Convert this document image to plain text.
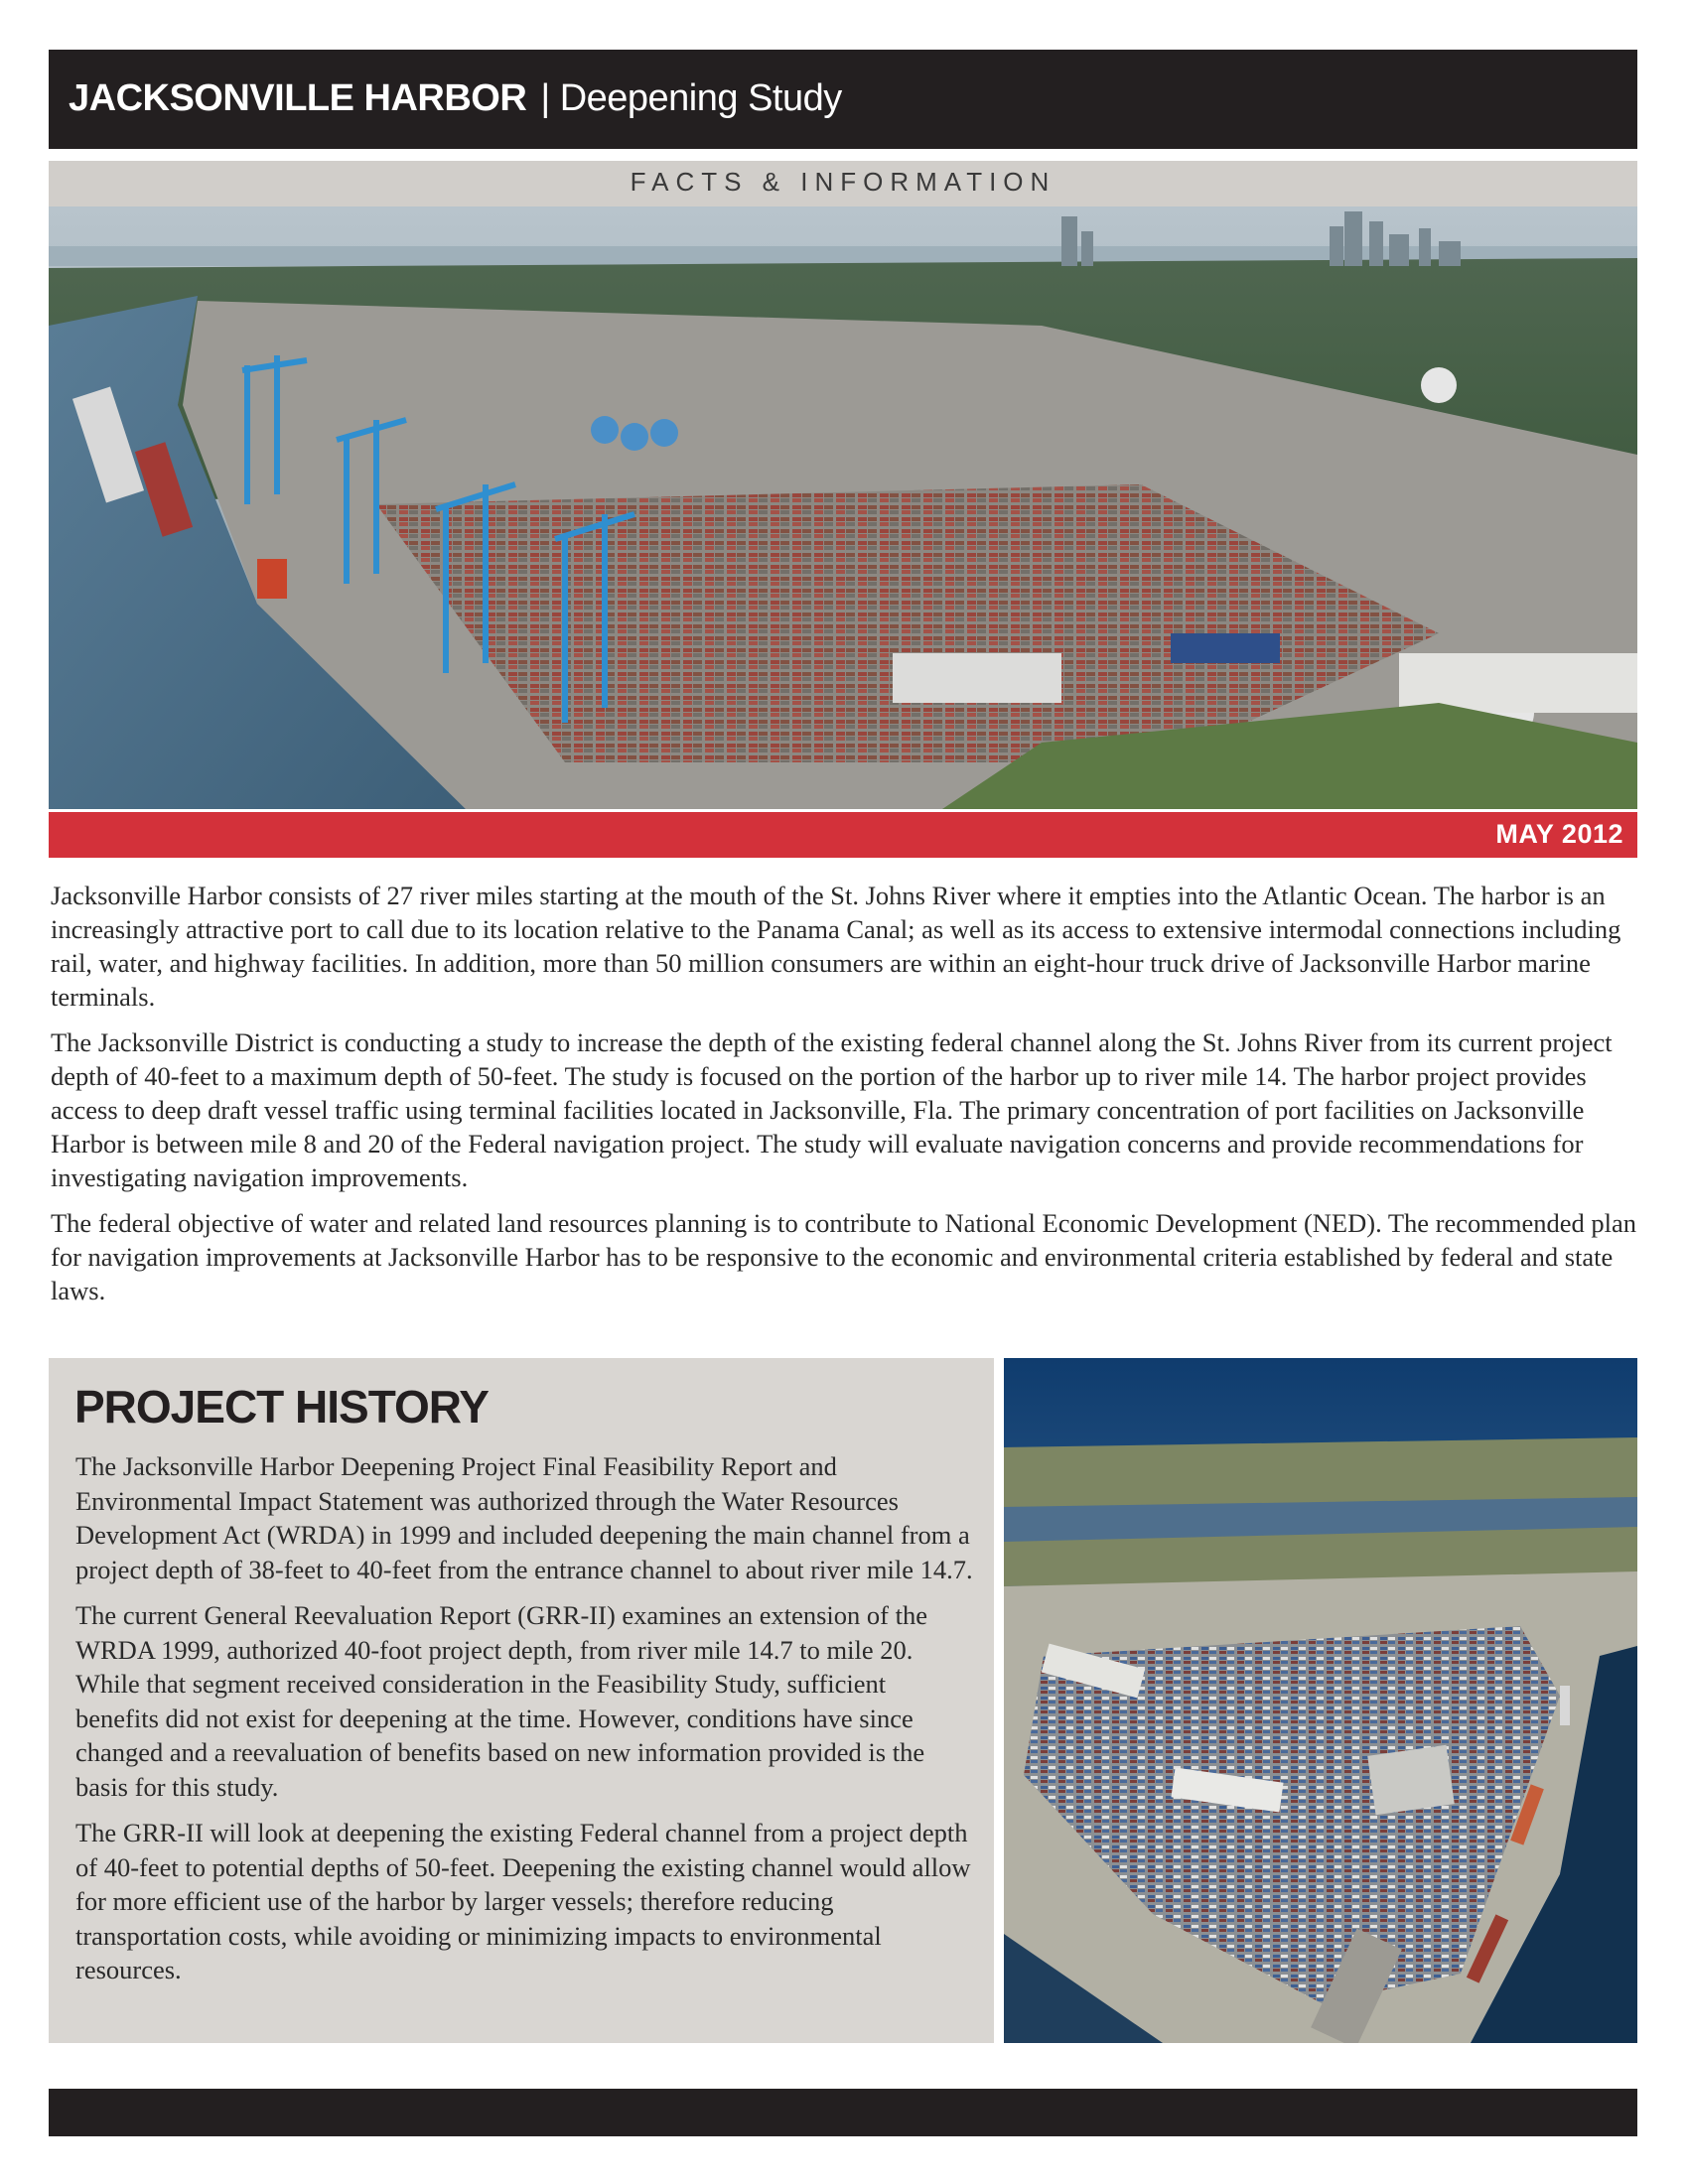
JACKSONVILLE HARBOR | Deepening Study
FACTS & INFORMATION
MAY 2012

Jacksonville Harbor consists of 27 river miles starting at the mouth of the St. Johns River where it empties into the Atlantic Ocean. The harbor is an increasingly attractive port to call due to its location relative to the Panama Canal; as well as its access to extensive intermodal connections including rail, water, and highway facilities. In addition, more than 50 million consumers are within an eight-hour truck drive of Jacksonville Harbor marine terminals.

The Jacksonville District is conducting a study to increase the depth of the existing federal channel along the St. Johns River from its current project depth of 40-feet to a maximum depth of 50-feet. The study is focused on the portion of the harbor up to river mile 14. The harbor project provides access to deep draft vessel traffic using terminal facilities located in Jacksonville, Fla. The primary concentration of port facilities on Jacksonville Harbor is between mile 8 and 20 of the Federal navigation project. The study will evaluate navigation concerns and provide recommendations for investigating navigation improvements.

The federal objective of water and related land resources planning is to contribute to National Economic Development (NED). The recommended plan for navigation improvements at Jacksonville Harbor has to be responsive to the economic and environmental criteria established by federal and state laws.

PROJECT HISTORY

The Jacksonville Harbor Deepening Project Final Feasibility Report and Environmental Impact Statement was authorized through the Water Resources Development Act (WRDA) in 1999 and included deepening the main channel from a project depth of 38-feet to 40-feet from the entrance channel to about river mile 14.7.

The current General Reevaluation Report (GRR-II) examines an extension of the WRDA 1999, authorized 40-foot project depth, from river mile 14.7 to mile 20. While that segment received consideration in the Feasibility Study, sufficient benefits did not exist for deepening at the time. However, conditions have since changed and a reevaluation of benefits based on new information provided is the basis for this study.

The GRR-II will look at deepening the existing Federal channel from a project depth of 40-feet to potential depths of 50-feet. Deepening the existing channel would allow for more efficient use of the harbor by larger vessels; therefore reducing transportation costs, while avoiding or minimizing impacts to environmental resources.
